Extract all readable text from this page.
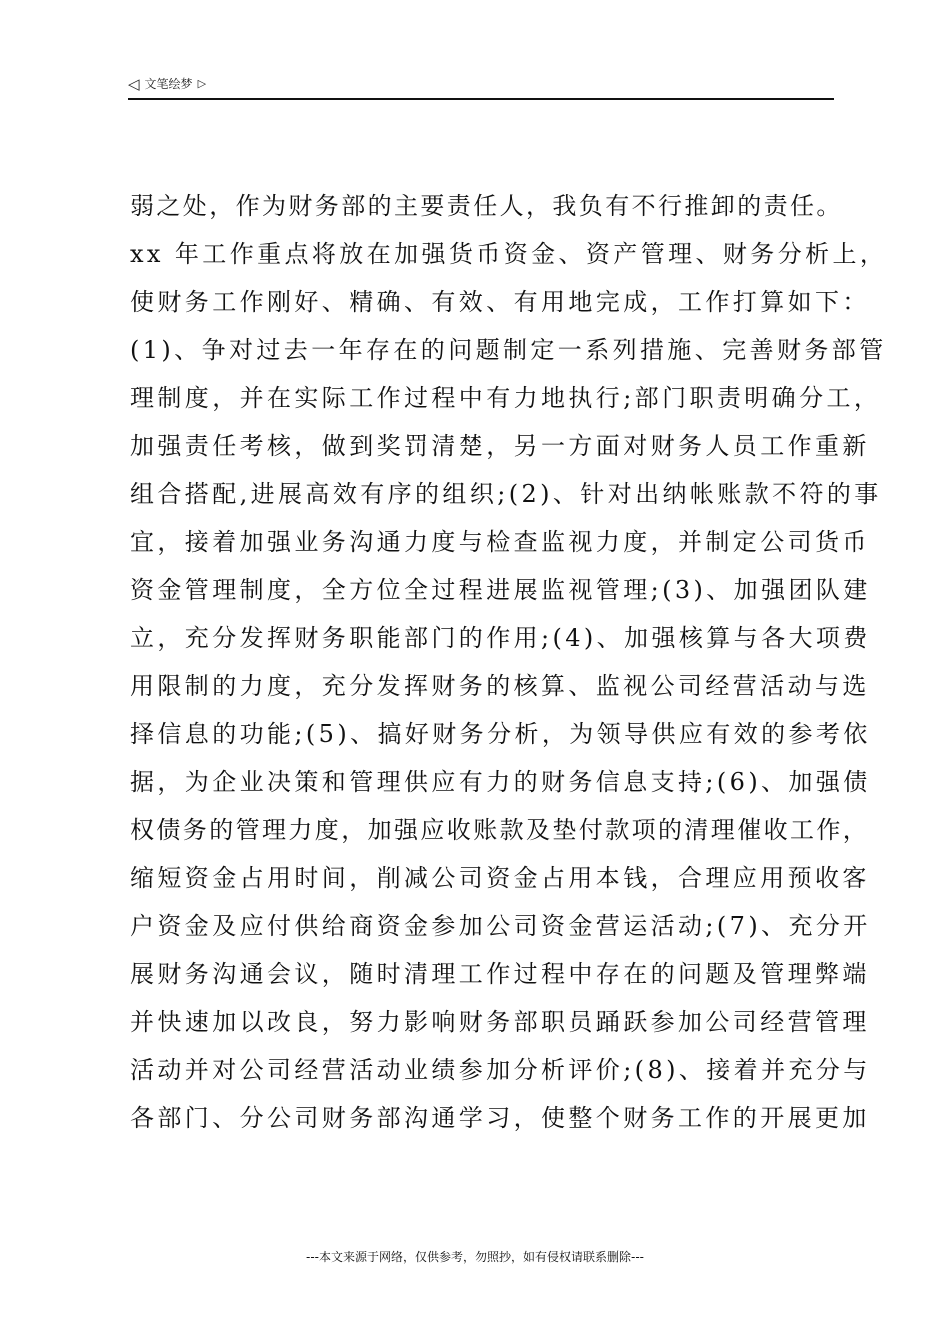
◁ 文笔绘梦 ▷
弱之处，作为财务部的主要责任人，我负有不行推卸的责任。
xx 年工作重点将放在加强货币资金、资产管理、财务分析上，
使财务工作刚好、精确、有效、有用地完成，工作打算如下：
(1)、争对过去一年存在的问题制定一系列措施、完善财务部管
理制度，并在实际工作过程中有力地执行;部门职责明确分工，
加强责任考核，做到奖罚清楚，另一方面对财务人员工作重新
组合搭配,进展高效有序的组织;(2)、针对出纳帐账款不符的事
宜，接着加强业务沟通力度与检查监视力度，并制定公司货币
资金管理制度，全方位全过程进展监视管理;(3)、加强团队建
立，充分发挥财务职能部门的作用;(4)、加强核算与各大项费
用限制的力度，充分发挥财务的核算、监视公司经营活动与选
择信息的功能;(5)、搞好财务分析，为领导供应有效的参考依
据，为企业决策和管理供应有力的财务信息支持;(6)、加强债
权债务的管理力度，加强应收账款及垫付款项的清理催收工作，
缩短资金占用时间，削减公司资金占用本钱，合理应用预收客
户资金及应付供给商资金参加公司资金营运活动;(7)、充分开
展财务沟通会议，随时清理工作过程中存在的问题及管理弊端
并快速加以改良，努力影响财务部职员踊跃参加公司经营管理
活动并对公司经营活动业绩参加分析评价;(8)、接着并充分与
各部门、分公司财务部沟通学习，使整个财务工作的开展更加
---本文来源于网络，仅供参考，勿照抄，如有侵权请联系删除---
